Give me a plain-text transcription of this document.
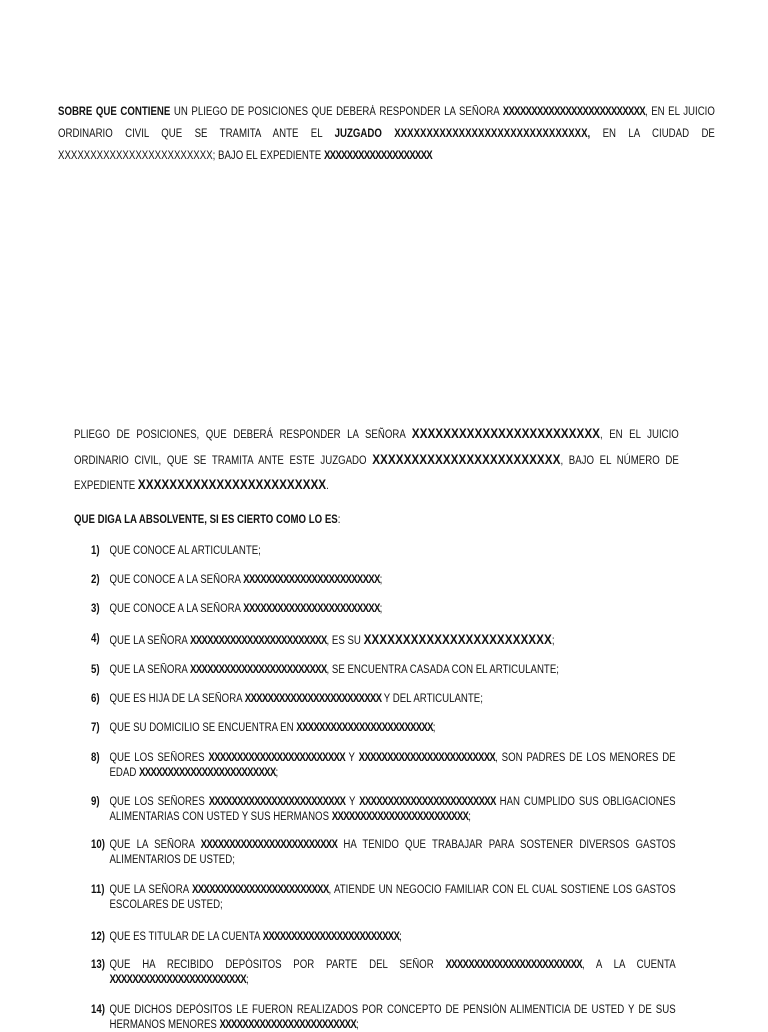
SOBRE QUE CONTIENE UN PLIEGO DE POSICIONES QUE DEBERÁ RESPONDER LA SEÑORA XXXXXXXXXXXXXXXXXXXXXXXXX, EN EL JUICIO ORDINARIO CIVIL QUE SE TRAMITA ANTE EL JUZGADO XXXXXXXXXXXXXXXXXXXXXXXXXXXXXX, EN LA CIUDAD DE XXXXXXXXXXXXXXXXXXXXXXXX; BAJO EL EXPEDIENTE XXXXXXXXXXXXXXXXXXX
PLIEGO DE POSICIONES, QUE DEBERÁ RESPONDER LA SEÑORA XXXXXXXXXXXXXXXXXXXXXXXX, EN EL JUICIO ORDINARIO CIVIL, QUE SE TRAMITA ANTE ESTE JUZGADO XXXXXXXXXXXXXXXXXXXXXXXX, BAJO EL NÚMERO DE EXPEDIENTE XXXXXXXXXXXXXXXXXXXXXXXX.
QUE DIGA LA ABSOLVENTE, SI ES CIERTO COMO LO ES:
1) QUE CONOCE AL ARTICULANTE;
2) QUE CONOCE A LA SEÑORA XXXXXXXXXXXXXXXXXXXXXXXX;
3) QUE CONOCE A LA SEÑORA XXXXXXXXXXXXXXXXXXXXXXXX;
4) QUE LA SEÑORA XXXXXXXXXXXXXXXXXXXXXXXX, ES SU XXXXXXXXXXXXXXXXXXXXXXXX;
5) QUE LA SEÑORA XXXXXXXXXXXXXXXXXXXXXXXX, SE ENCUENTRA CASADA CON EL ARTICULANTE;
6) QUE ES HIJA DE LA SEÑORA XXXXXXXXXXXXXXXXXXXXXXXX Y DEL ARTICULANTE;
7) QUE SU DOMICILIO SE ENCUENTRA EN XXXXXXXXXXXXXXXXXXXXXXXX;
8) QUE LOS SEÑORES XXXXXXXXXXXXXXXXXXXXXXXX Y XXXXXXXXXXXXXXXXXXXXXXXX, SON PADRES DE LOS MENORES DE EDAD XXXXXXXXXXXXXXXXXXXXXXXX;
9) QUE LOS SEÑORES XXXXXXXXXXXXXXXXXXXXXXXX Y XXXXXXXXXXXXXXXXXXXXXXXX HAN CUMPLIDO SUS OBLIGACIONES ALIMENTARIAS CON USTED Y SUS HERMANOS XXXXXXXXXXXXXXXXXXXXXXXX;
10) QUE LA SEÑORA XXXXXXXXXXXXXXXXXXXXXXXX HA TENIDO QUE TRABAJAR PARA SOSTENER DIVERSOS GASTOS ALIMENTARIOS DE USTED;
11) QUE LA SEÑORA XXXXXXXXXXXXXXXXXXXXXXXX, ATIENDE UN NEGOCIO FAMILIAR CON EL CUAL SOSTIENE LOS GASTOS ESCOLARES DE USTED;
12) QUE ES TITULAR DE LA CUENTA XXXXXXXXXXXXXXXXXXXXXXXX;
13) QUE HA RECIBIDO DEPÓSITOS POR PARTE DEL SEÑOR XXXXXXXXXXXXXXXXXXXXXXXX, A LA CUENTA XXXXXXXXXXXXXXXXXXXXXXXX;
14) QUE DICHOS DEPÓSITOS LE FUERON REALIZADOS POR CONCEPTO DE PENSIÓN ALIMENTICIA DE USTED Y DE SUS HERMANOS MENORES XXXXXXXXXXXXXXXXXXXXXXXX;
